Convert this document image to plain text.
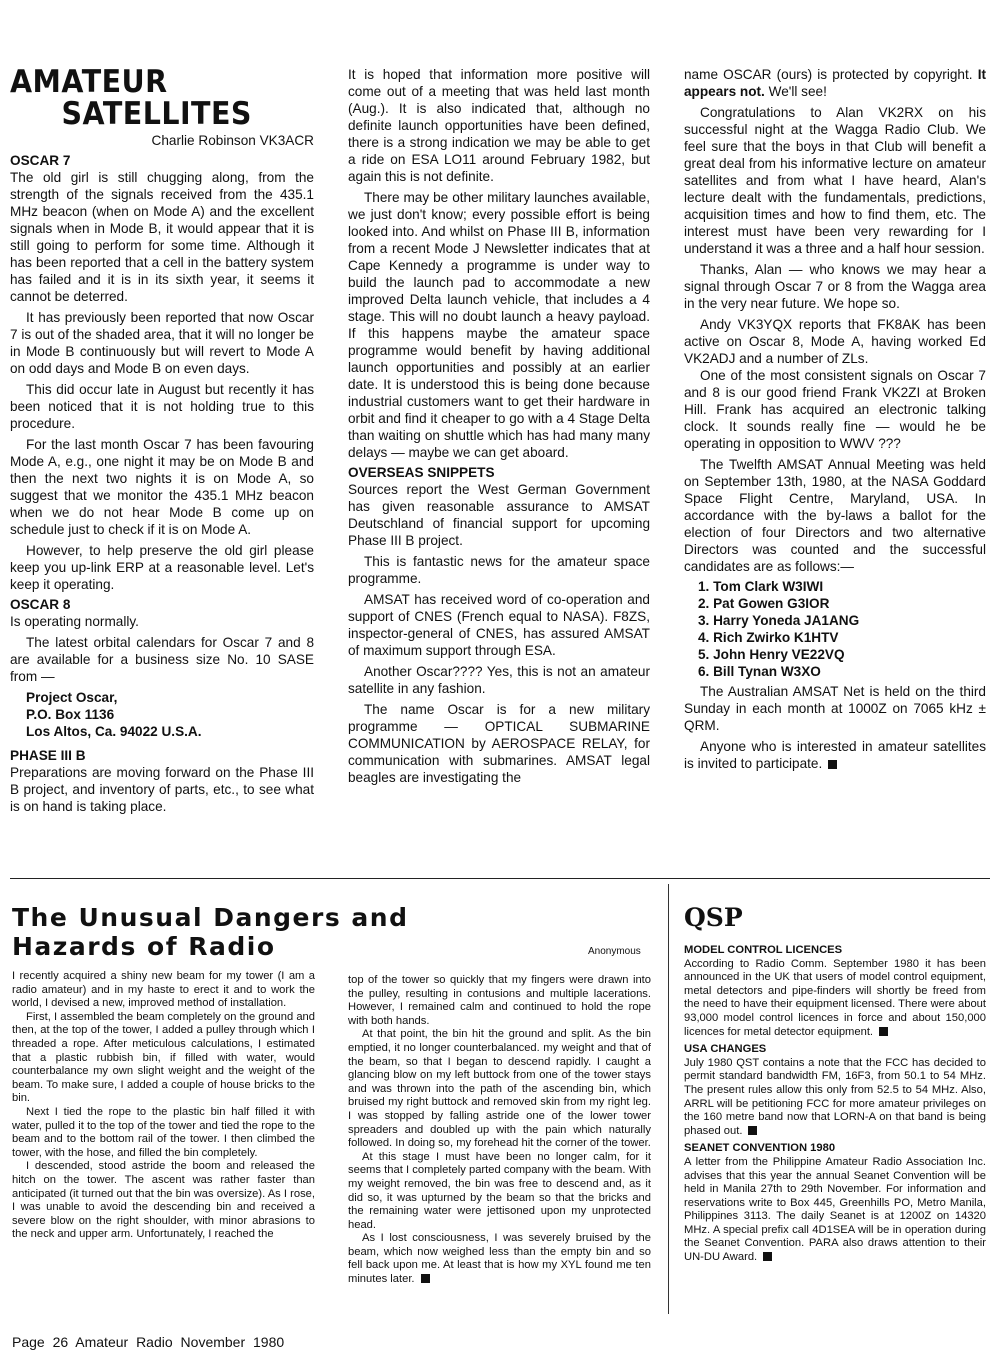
AMATEUR
SATELLITES

Charlie Robinson VK3ACR

OSCAR 7

The old girl is still chugging along, from the strength of the signals received from the 435.1 MHz beacon (when on Mode A) and the excellent signals when in Mode B, it would appear that it is still going to perform for some time. Although it has been reported that a cell in the battery system has failed and it is in its sixth year, it seems it cannot be deterred.

It has previously been reported that now Oscar 7 is out of the shaded area, that it will no longer be in Mode B continuously but will revert to Mode A on odd days and Mode B on even days.

This did occur late in August but recently it has been noticed that it is not holding true to this procedure.

For the last month Oscar 7 has been favouring Mode A, e.g., one night it may be on Mode B and then the next two nights it is on Mode A, so suggest that we monitor the 435.1 MHz beacon when we do not hear Mode B come up on schedule just to check if it is on Mode A.

However, to help preserve the old girl please keep you up-link ERP at a reasonable level. Let's keep it operating.

OSCAR 8

Is operating normally.

The latest orbital calendars for Oscar 7 and 8 are available for a business size No. 10 SASE from —

Project Oscar,

P.O. Box 1136

Los Altos, Ca. 94022 U.S.A.

PHASE III B

Preparations are moving forward on the Phase III B project, and inventory of parts, etc., to see what is on hand is taking place.

It is hoped that information more positive will come out of a meeting that was held last month (Aug.). It is also indicated that, although no definite launch opportunities have been defined, there is a strong indication we may be able to get a ride on ESA LO11 around February 1982, but again this is not definite.

There may be other military launches available, we just don't know; every possible effort is being looked into. And whilst on Phase III B, information from a recent Mode J Newsletter indicates that at Cape Kennedy a programme is under way to build the launch pad to accommodate a new improved Delta launch vehicle, that includes a 4 stage. This will no doubt launch a heavy payload. If this happens maybe the amateur space programme would benefit by having additional launch opportunities and possibly at an earlier date. It is understood this is being done because industrial customers want to get their hardware in orbit and find it cheaper to go with a 4 Stage Delta than waiting on shuttle which has had many many delays — maybe we can get aboard.

OVERSEAS SNIPPETS

Sources report the West German Government has given reasonable assurance to AMSAT Deutschland of financial support for upcoming Phase III B project.

This is fantastic news for the amateur space programme.

AMSAT has received word of co-operation and support of CNES (French equal to NASA). F8ZS, inspector-general of CNES, has assured AMSAT of maximum support through ESA.

Another Oscar???? Yes, this is not an amateur satellite in any fashion.

The name Oscar is for a new military programme — OPTICAL SUBMARINE COMMUNICATION by AEROSPACE RELAY, for communication with submarines. AMSAT legal beagles are investigating the

name OSCAR (ours) is protected by copyright. It appears not. We'll see!

Congratulations to Alan VK2RX on his successful night at the Wagga Radio Club. We feel sure that the boys in that Club will benefit a great deal from his informative lecture on amateur satellites and from what I have heard, Alan's lecture dealt with the fundamentals, predictions, acquisition times and how to find them, etc. The interest must have been very rewarding for I understand it was a three and a half hour session.

Thanks, Alan — who knows we may hear a signal through Oscar 7 or 8 from the Wagga area in the very near future. We hope so.

Andy VK3YQX reports that FK8AK has been active on Oscar 8, Mode A, having worked Ed VK2ADJ and a number of ZLs.

One of the most consistent signals on Oscar 7 and 8 is our good friend Frank VK2ZI at Broken Hill. Frank has acquired an electronic talking clock. It sounds really fine — would he be operating in opposition to WWV ???

The Twelfth AMSAT Annual Meeting was held on September 13th, 1980, at the NASA Goddard Space Flight Centre, Maryland, USA. In accordance with the by-laws a ballot for the election of four Directors and two alternative Directors was counted and the successful candidates are as follows:—

1. Tom Clark W3IWI
2. Pat Gowen G3IOR
3. Harry Yoneda JA1ANG
4. Rich Zwirko K1HTV
5. John Henry VE22VQ
6. Bill Tynan W3XO

The Australian AMSAT Net is held on the third Sunday in each month at 1000Z on 7065 kHz ± QRM.

Anyone who is interested in amateur satellites is invited to participate.

The Unusual Dangers and
Hazards of Radio	Anonymous

I recently acquired a shiny new beam for my tower (I am a radio amateur) and in my haste to erect it and to work the world, I devised a new, improved method of installation.

First, I assembled the beam completely on the ground and then, at the top of the tower, I added a pulley through which I threaded a rope. After meticulous calculations, I estimated that a plastic rubbish bin, if filled with water, would counterbalance my own slight weight and the weight of the beam. To make sure, I added a couple of house bricks to the bin.

Next I tied the rope to the plastic bin half filled it with water, pulled it to the top of the tower and tied the rope to the beam and to the bottom rail of the tower. I then climbed the tower, with the hose, and filled the bin completely.

I descended, stood astride the boom and released the hitch on the tower. The ascent was rather faster than anticipated (it turned out that the bin was oversize). As I rose, I was unable to avoid the descending bin and received a severe blow on the right shoulder, with minor abrasions to the neck and upper arm. Unfortunately, I reached the

top of the tower so quickly that my fingers were drawn into the pulley, resulting in contusions and multiple lacerations. However, I remained calm and continued to hold the rope with both hands.

At that point, the bin hit the ground and split. As the bin emptied, it no longer counterbalanced. my weight and that of the beam, so that I began to descend rapidly. I caught a glancing blow on my left buttock from one of the tower stays and was thrown into the path of the ascending bin, which bruised my right buttock and removed skin from my right leg. I was stopped by falling astride one of the lower tower spreaders and doubled up with the pain which naturally followed. In doing so, my forehead hit the corner of the tower.

At this stage I must have been no longer calm, for it seems that I completely parted company with the beam. With my weight removed, the bin was free to descend and, as it did so, it was upturned by the beam so that the bricks and the remaining water were jettisoned upon my unprotected head.

As I lost consciousness, I was severely bruised by the beam, which now weighed less than the empty bin and so fell back upon me. At least that is how my XYL found me ten minutes later.

QSP
MODEL CONTROL LICENCES

According to Radio Comm. September 1980 it has been announced in the UK that users of model control equipment, metal detectors and pipe-finders will shortly be freed from the need to have their equipment licensed. There were about 93,000 model control licences in force and about 150,000 licences for metal detector equipment.

USA CHANGES

July 1980 QST contains a note that the FCC has decided to permit standard bandwidth FM, 16F3, from 50.1 to 54 MHz. The present rules allow this only from 52.5 to 54 MHz. Also, ARRL will be petitioning FCC for more amateur privileges on the 160 metre band now that LORN-A on that band is being phased out.

SEANET CONVENTION 1980

A letter from the Philippine Amateur Radio Association Inc. advises that this year the annual Seanet Convention will be held in Manila 27th to 29th November. For information and reservations write to Box 445, Greenhills PO, Metro Manila, Philippines 3113. The daily Seanet is at 1200Z on 14320 MHz. A special prefix call 4D1SEA will be in operation during the Seanet Convention. PARA also draws attention to their UN-DU Award.

Page 26 Amateur Radio November 1980
